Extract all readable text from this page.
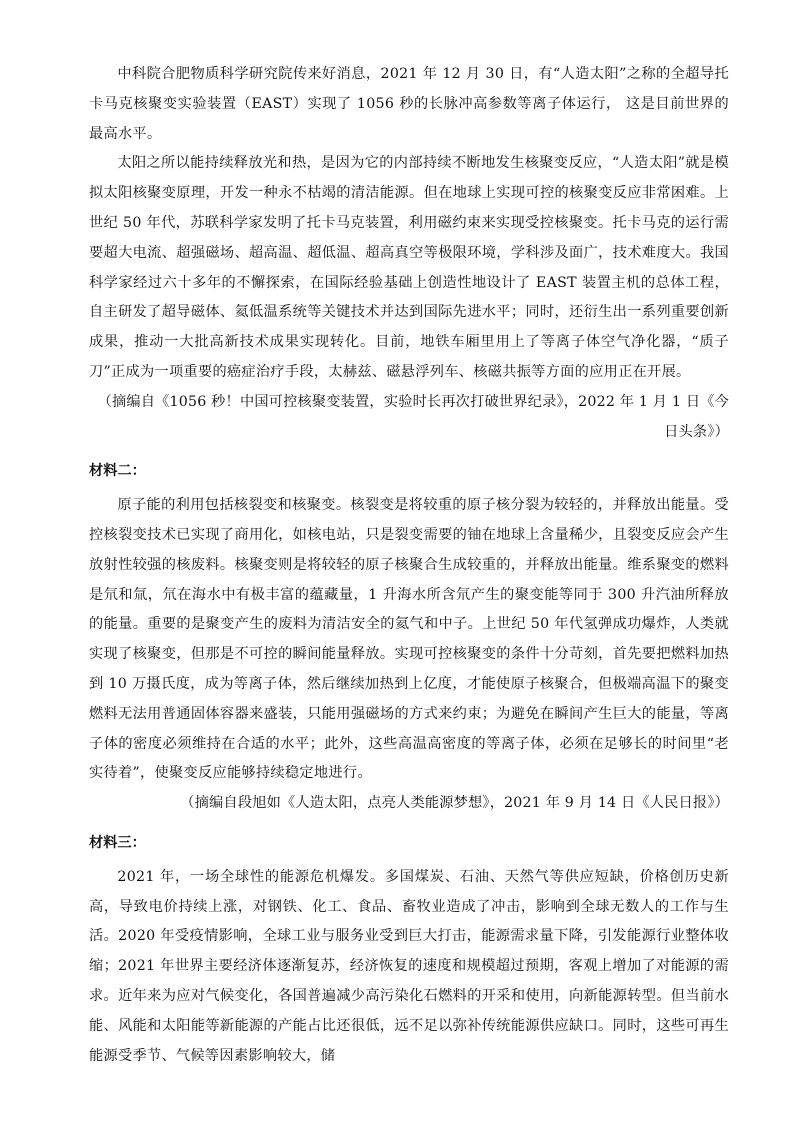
中科院合肥物质科学研究院传来好消息，2021 年 12 月 30 日，有“人造太阳”之称的全超导托卡马克核聚变实验装置（EAST）实现了 1056 秒的长脉冲高参数等离子体运行， 这是目前世界的最高水平。

太阳之所以能持续释放光和热，是因为它的内部持续不断地发生核聚变反应，“人造太阳”就是模拟太阳核聚变原理，开发一种永不枯竭的清洁能源。但在地球上实现可控的核聚变反应非常困难。上世纪 50 年代，苏联科学家发明了托卡马克装置，利用磁约束来实现受控核聚变。托卡马克的运行需要超大电流、超强磁场、超高温、超低温、超高真空等极限环境，学科涉及面广，技术难度大。我国科学家经过六十多年的不懈探索，在国际经验基础上创造性地设计了 EAST 装置主机的总体工程，自主研发了超导磁体、氦低温系统等关键技术并达到国际先进水平；同时，还衍生出一系列重要创新成果，推动一大批高新技术成果实现转化。目前，地铁车厢里用上了等离子体空气净化器，“质子刀”正成为一项重要的癌症治疗手段，太赫兹、磁悬浮列车、核磁共振等方面的应用正在开展。

（摘编自《1056 秒！中国可控核聚变装置，实验时长再次打破世界纪录》，2022 年 1 月 1 日《今日头条》）

材料二：

原子能的利用包括核裂变和核聚变。核裂变是将较重的原子核分裂为较轻的，并释放出能量。受控核裂变技术已实现了商用化，如核电站，只是裂变需要的铀在地球上含量稀少，且裂变反应会产生放射性较强的核废料。核聚变则是将较轻的原子核聚合生成较重的，并释放出能量。维系聚变的燃料是氘和氚，氘在海水中有极丰富的蕴藏量，1 升海水所含氘产生的聚变能等同于 300 升汽油所释放的能量。重要的是聚变产生的废料为清洁安全的氦气和中子。上世纪 50 年代氢弹成功爆炸，人类就实现了核聚变，但那是不可控的瞬间能量释放。实现可控核聚变的条件十分苛刻，首先要把燃料加热到 10 万摄氏度，成为等离子体，然后继续加热到上亿度，才能使原子核聚合，但极端高温下的聚变燃料无法用普通固体容器来盛装，只能用强磁场的方式来约束；为避免在瞬间产生巨大的能量，等离子体的密度必须维持在合适的水平；此外，这些高温高密度的等离子体，必须在足够长的时间里“老实待着”，使聚变反应能够持续稳定地进行。

（摘编自段旭如《人造太阳，点亮人类能源梦想》，2021 年 9 月 14 日《人民日报》）

材料三：

2021 年，一场全球性的能源危机爆发。多国煤炭、石油、天然气等供应短缺，价格创历史新高，导致电价持续上涨，对钢铁、化工、食品、畜牧业造成了冲击，影响到全球无数人的工作与生活。2020 年受疫情影响，全球工业与服务业受到巨大打击，能源需求量下降，引发能源行业整体收缩；2021 年世界主要经济体逐渐复苏，经济恢复的速度和规模超过预期，客观上增加了对能源的需求。近年来为应对气候变化，各国普遍减少高污染化石燃料的开采和使用，向新能源转型。但当前水能、风能和太阳能等新能源的产能占比还很低，远不足以弥补传统能源供应缺口。同时，这些可再生能源受季节、气候等因素影响较大，储
